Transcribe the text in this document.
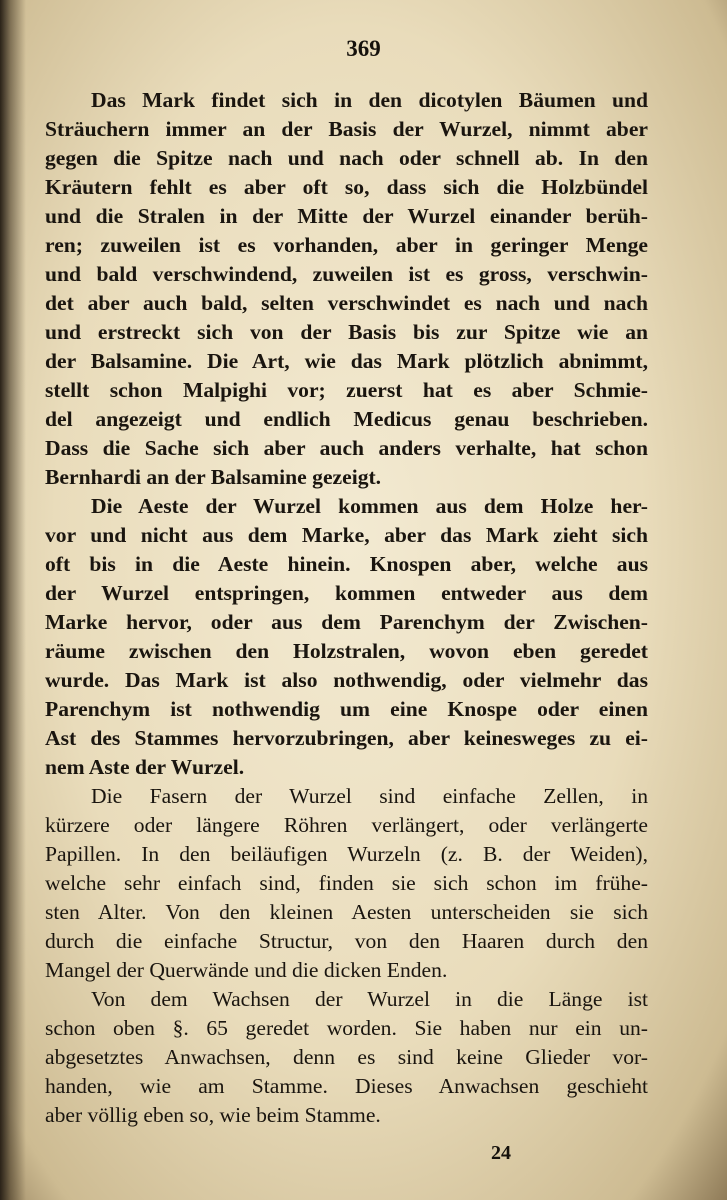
369
Das Mark findet sich in den dicotylen Bäumen und
Sträuchern immer an der Basis der Wurzel, nimmt aber
gegen die Spitze nach und nach oder schnell ab. In den
Kräutern fehlt es aber oft so, dass sich die Holzbündel
und die Stralen in der Mitte der Wurzel einander berüh-
ren; zuweilen ist es vorhanden, aber in geringer Menge
und bald verschwindend, zuweilen ist es gross, verschwin-
det aber auch bald, selten verschwindet es nach und nach
und erstreckt sich von der Basis bis zur Spitze wie an
der Balsamine. Die Art, wie das Mark plötzlich abnimmt,
stellt schon Malpighi vor; zuerst hat es aber Schmie-
del angezeigt und endlich Medicus genau beschrieben.
Dass die Sache sich aber auch anders verhalte, hat schon
Bernhardi an der Balsamine gezeigt.
Die Aeste der Wurzel kommen aus dem Holze her-
vor und nicht aus dem Marke, aber das Mark zieht sich
oft bis in die Aeste hinein. Knospen aber, welche aus
der Wurzel entspringen, kommen entweder aus dem
Marke hervor, oder aus dem Parenchym der Zwischen-
räume zwischen den Holzstralen, wovon eben geredet
wurde. Das Mark ist also nothwendig, oder vielmehr das
Parenchym ist nothwendig um eine Knospe oder einen
Ast des Stammes hervorzubringen, aber keinesweges zu ei-
nem Aste der Wurzel.
Die Fasern der Wurzel sind einfache Zellen, in
kürzere oder längere Röhren verlängert, oder verlängerte
Papillen. In den beiläufigen Wurzeln (z. B. der Weiden),
welche sehr einfach sind, finden sie sich schon im frühe-
sten Alter. Von den kleinen Aesten unterscheiden sie sich
durch die einfache Structur, von den Haaren durch den
Mangel der Querwände und die dicken Enden.
Von dem Wachsen der Wurzel in die Länge ist
schon oben §. 65 geredet worden. Sie haben nur ein un-
abgesetztes Anwachsen, denn es sind keine Glieder vor-
handen, wie am Stamme. Dieses Anwachsen geschieht
aber völlig eben so, wie beim Stamme.
24
